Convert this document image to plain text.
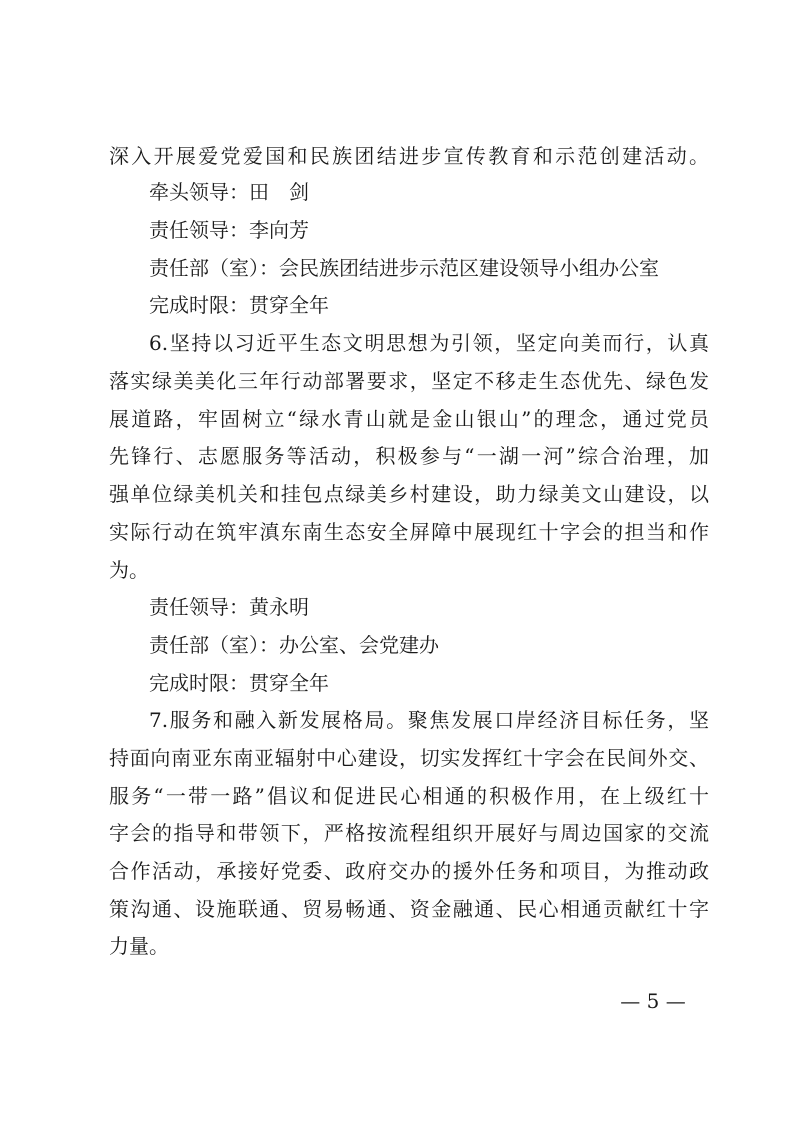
深入开展爱党爱国和民族团结进步宣传教育和示范创建活动。
牵头领导：田　剑
责任领导：李向芳
责任部（室）：会民族团结进步示范区建设领导小组办公室
完成时限：贯穿全年
6.坚持以习近平生态文明思想为引领，坚定向美而行，认真
落实绿美美化三年行动部署要求，坚定不移走生态优先、绿色发
展道路，牢固树立“绿水青山就是金山银山”的理念，通过党员
先锋行、志愿服务等活动，积极参与“一湖一河”综合治理，加
强单位绿美机关和挂包点绿美乡村建设，助力绿美文山建设，以
实际行动在筑牢滇东南生态安全屏障中展现红十字会的担当和作
为。
责任领导：黄永明
责任部（室）：办公室、会党建办
完成时限：贯穿全年
7.服务和融入新发展格局。聚焦发展口岸经济目标任务，坚
持面向南亚东南亚辐射中心建设，切实发挥红十字会在民间外交、
服务“一带一路”倡议和促进民心相通的积极作用，在上级红十
字会的指导和带领下，严格按流程组织开展好与周边国家的交流
合作活动，承接好党委、政府交办的援外任务和项目，为推动政
策沟通、设施联通、贸易畅通、资金融通、民心相通贡献红十字
力量。
— 5 —
